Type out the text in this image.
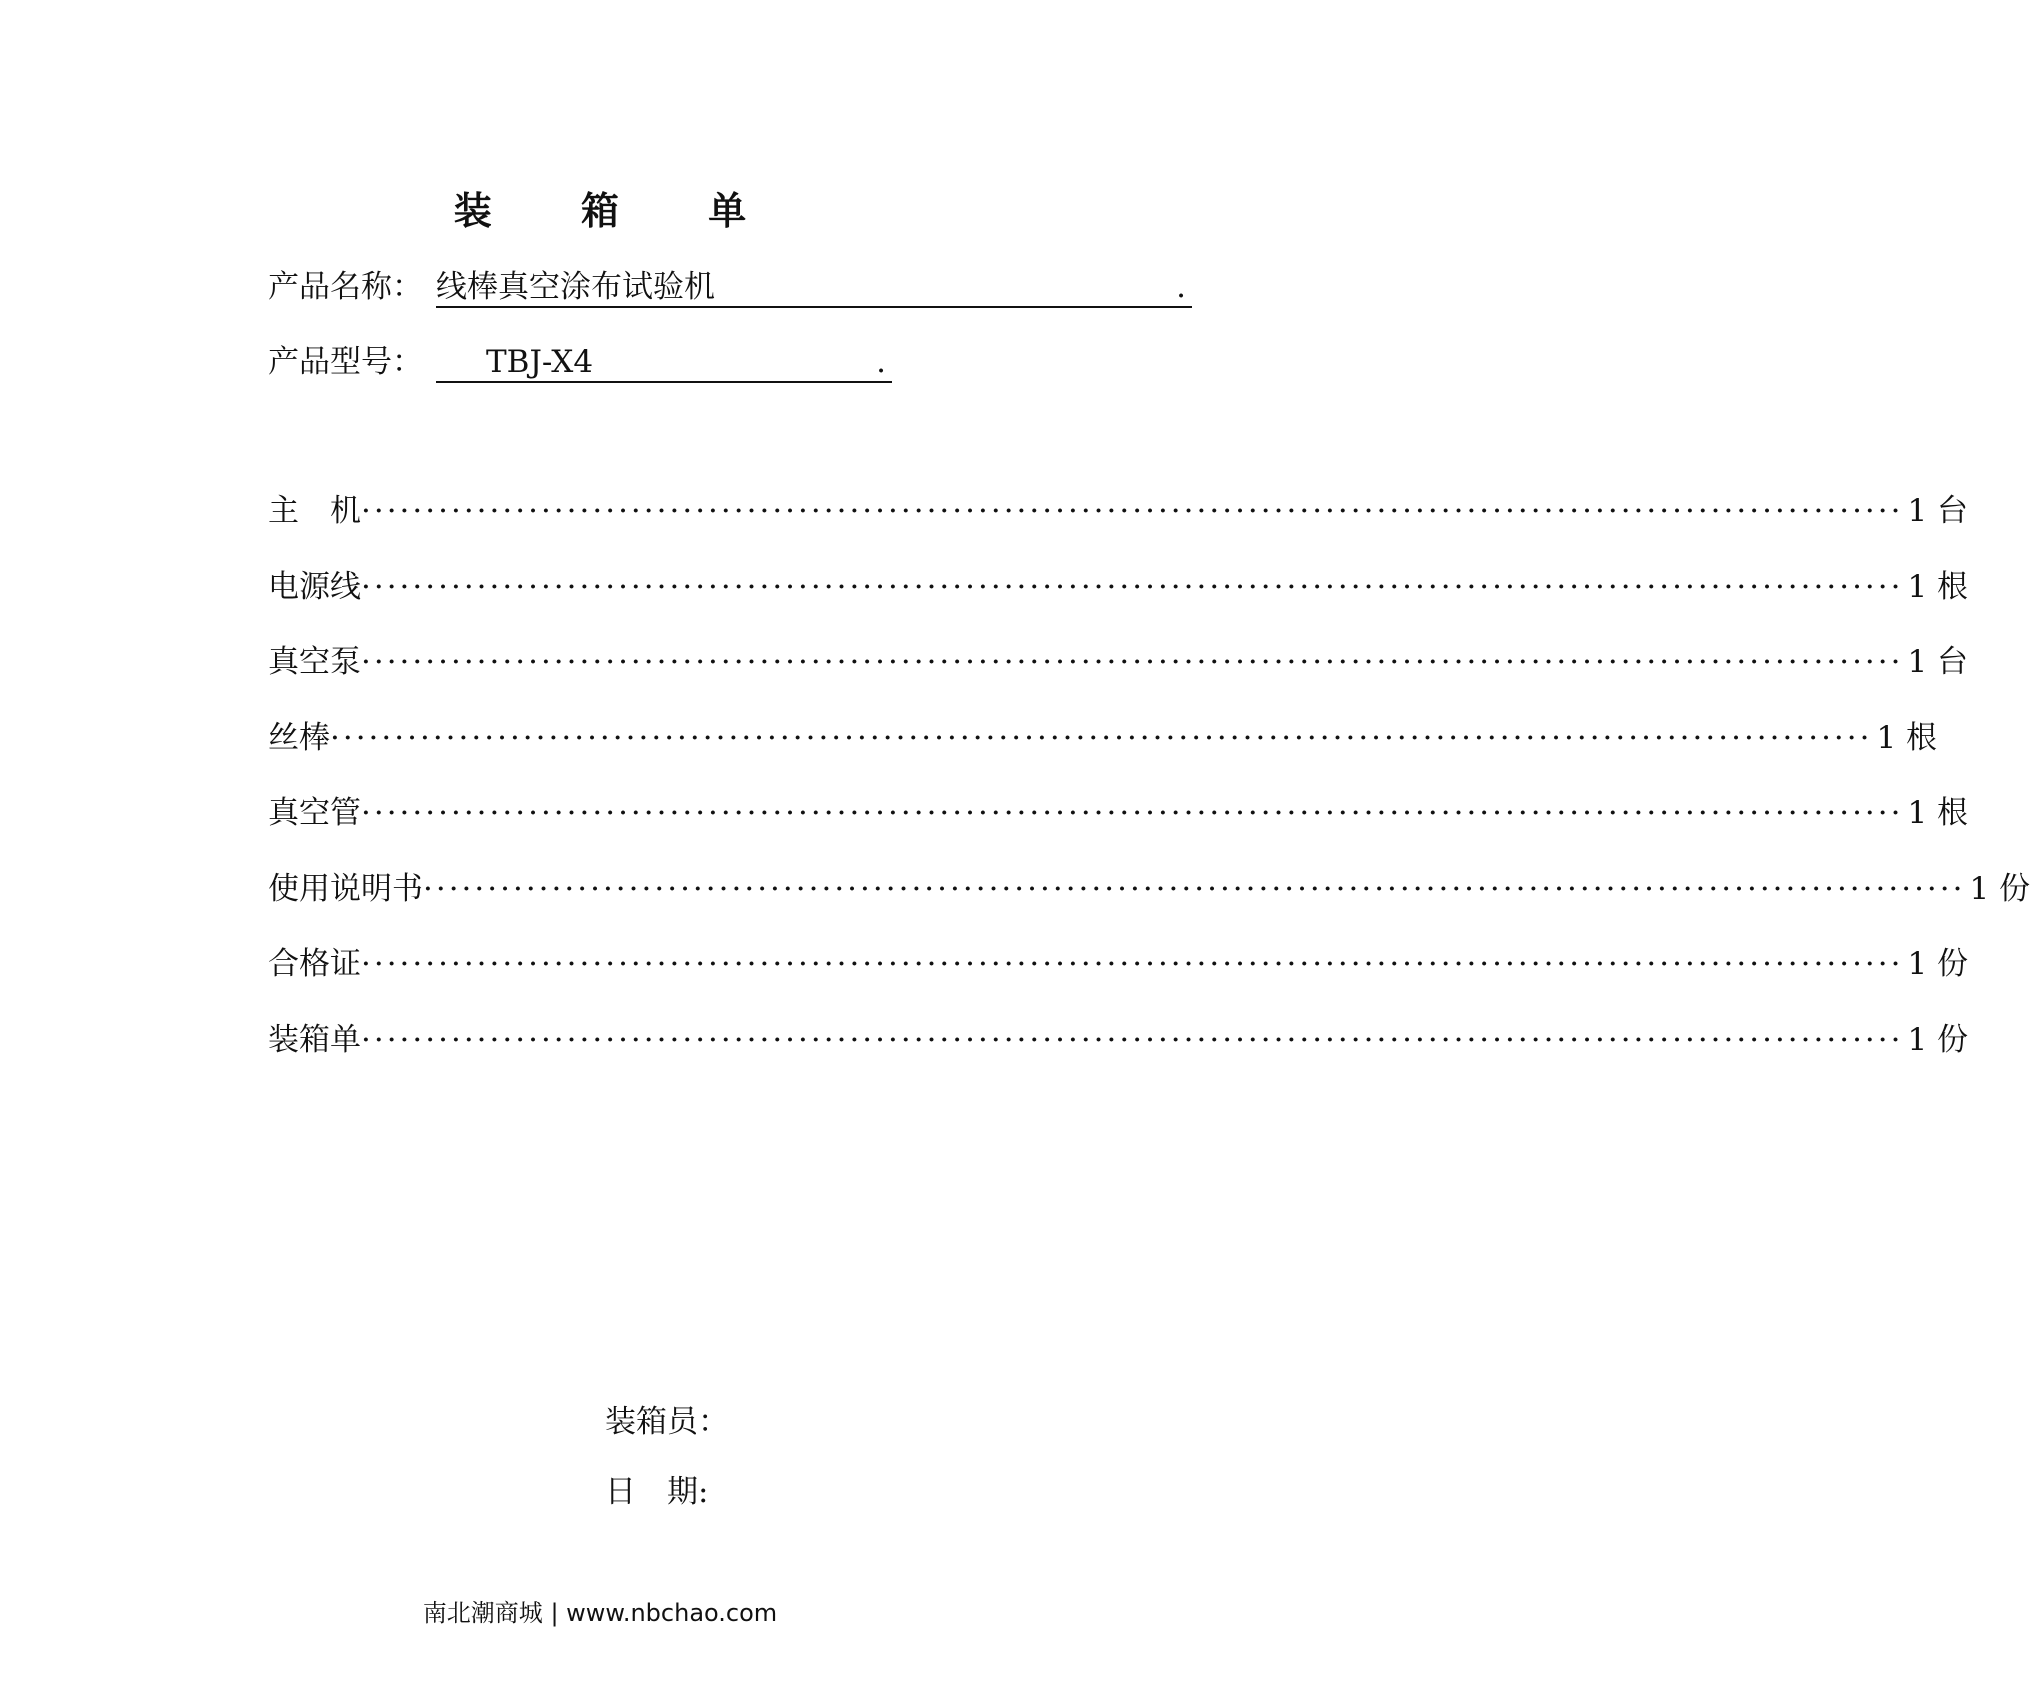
装 箱 单
产品名称： 线棒真空涂布试验机	.
产品型号： TBJ-X4	.
主　机 ························································································································ 1 台
电源线 ························································································································ 1 根
真空泵 ························································································································ 1 台
丝棒 ························································································································ 1 根
真空管 ························································································································ 1 根
使用说明书 ························································································································ 1 份
合格证 ························································································································ 1 份
装箱单 ························································································································ 1 份
装箱员：
日　期:
南北潮商城 | www.nbchao.com
